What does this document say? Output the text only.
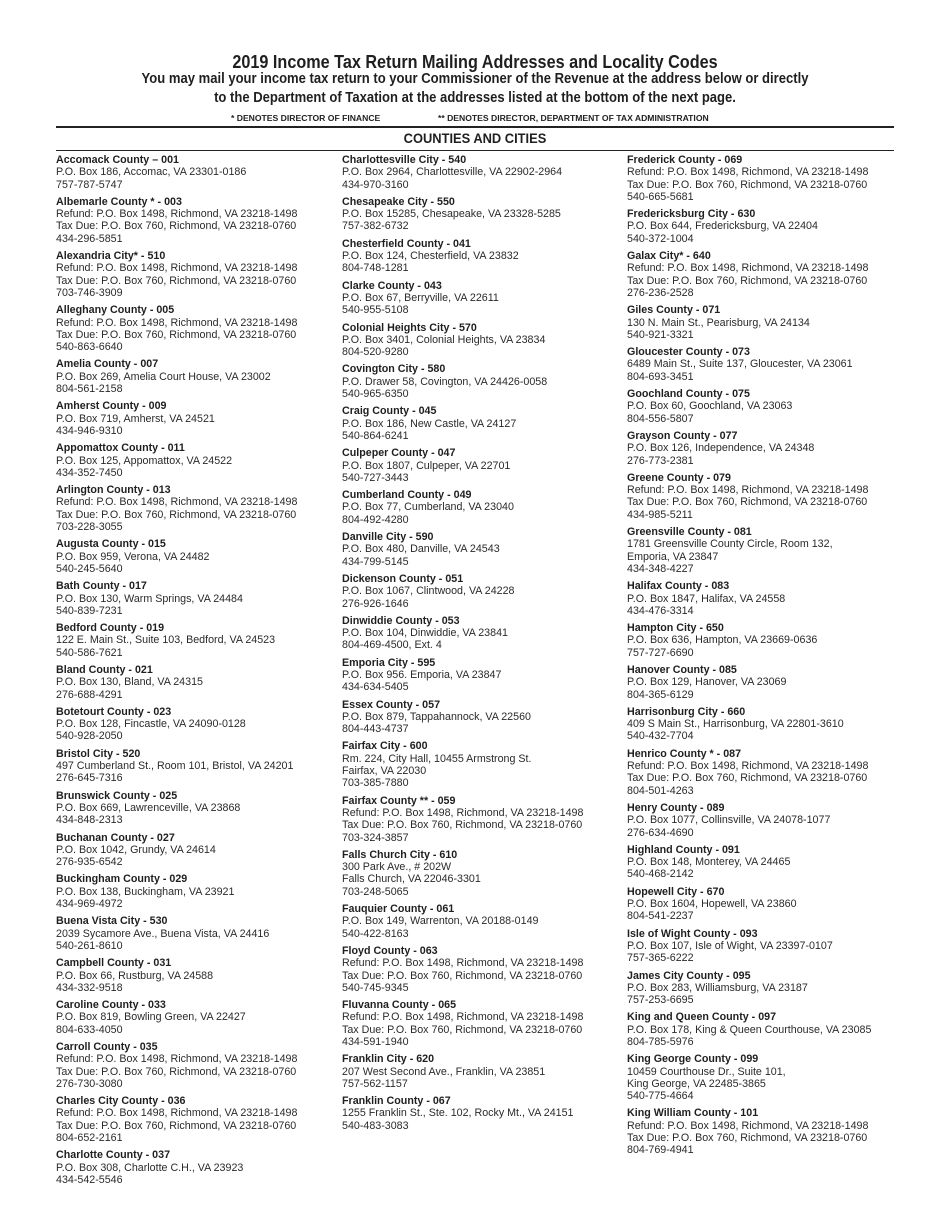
2019 Income Tax Return Mailing Addresses and Locality Codes
You may mail your income tax return to your Commissioner of the Revenue at the address below or directly
to the Department of Taxation at the addresses listed at the bottom of the next page.
* DENOTES DIRECTOR OF FINANCE	** DENOTES DIRECTOR, DEPARTMENT OF TAX ADMINISTRATION
COUNTIES AND CITIES
Accomack County – 001
P.O. Box 186, Accomac, VA 23301-0186
757-787-5747
Albemarle County * - 003
Refund: P.O. Box 1498, Richmond, VA 23218-1498
Tax Due: P.O. Box 760, Richmond, VA 23218-0760
434-296-5851
Alexandria City* - 510
Refund: P.O. Box 1498, Richmond, VA 23218-1498
Tax Due: P.O. Box 760, Richmond, VA 23218-0760
703-746-3909
Alleghany County - 005
Refund: P.O. Box 1498, Richmond, VA 23218-1498
Tax Due: P.O. Box 760, Richmond, VA 23218-0760
540-863-6640
Amelia County - 007
P.O. Box 269, Amelia Court House, VA 23002
804-561-2158
Amherst County - 009
P.O. Box 719, Amherst, VA 24521
434-946-9310
Appomattox County - 011
P.O. Box 125, Appomattox, VA 24522
434-352-7450
Arlington County - 013
Refund: P.O. Box 1498, Richmond, VA 23218-1498
Tax Due: P.O. Box 760, Richmond, VA 23218-0760
703-228-3055
Augusta County - 015
P.O. Box 959, Verona, VA 24482
540-245-5640
Bath County - 017
P.O. Box 130, Warm Springs, VA 24484
540-839-7231
Bedford County - 019
122 E. Main St., Suite 103, Bedford, VA 24523
540-586-7621
Bland County - 021
P.O. Box 130, Bland, VA 24315
276-688-4291
Botetourt County - 023
P.O. Box 128, Fincastle, VA 24090-0128
540-928-2050
Bristol City - 520
497 Cumberland St., Room 101, Bristol, VA 24201
276-645-7316
Brunswick County - 025
P.O. Box 669, Lawrenceville, VA 23868
434-848-2313
Buchanan County - 027
P.O. Box 1042, Grundy, VA 24614
276-935-6542
Buckingham County - 029
P.O. Box 138, Buckingham, VA 23921
434-969-4972
Buena Vista City - 530
2039 Sycamore Ave., Buena Vista, VA 24416
540-261-8610
Campbell County - 031
P.O. Box 66, Rustburg, VA 24588
434-332-9518
Caroline County - 033
P.O. Box 819, Bowling Green, VA 22427
804-633-4050
Carroll County - 035
Refund: P.O. Box 1498, Richmond, VA 23218-1498
Tax Due: P.O. Box 760, Richmond, VA 23218-0760
276-730-3080
Charles City County - 036
Refund: P.O. Box 1498, Richmond, VA 23218-1498
Tax Due: P.O. Box 760, Richmond, VA 23218-0760
804-652-2161
Charlotte County - 037
P.O. Box 308, Charlotte C.H., VA 23923
434-542-5546
Charlottesville City - 540
P.O. Box 2964, Charlottesville, VA 22902-2964
434-970-3160
Chesapeake City - 550
P.O. Box 15285, Chesapeake, VA 23328-5285
757-382-6732
Chesterfield County - 041
P.O. Box 124, Chesterfield, VA 23832
804-748-1281
Clarke County - 043
P.O. Box 67, Berryville, VA 22611
540-955-5108
Colonial Heights City - 570
P.O. Box 3401, Colonial Heights, VA 23834
804-520-9280
Covington City - 580
P.O. Drawer 58, Covington, VA 24426-0058
540-965-6350
Craig County - 045
P.O. Box 186, New Castle, VA 24127
540-864-6241
Culpeper County - 047
P.O. Box 1807, Culpeper, VA 22701
540-727-3443
Cumberland County - 049
P.O. Box 77, Cumberland, VA 23040
804-492-4280
Danville City - 590
P.O. Box 480, Danville, VA 24543
434-799-5145
Dickenson County - 051
P.O. Box 1067, Clintwood, VA 24228
276-926-1646
Dinwiddie County - 053
P.O. Box 104, Dinwiddie, VA 23841
804-469-4500, Ext. 4
Emporia City - 595
P.O. Box 956. Emporia, VA 23847
434-634-5405
Essex County - 057
P.O. Box 879, Tappahannock, VA 22560
804-443-4737
Fairfax City - 600
Rm. 224, City Hall, 10455 Armstrong St.
Fairfax, VA 22030
703-385-7880
Fairfax County ** - 059
Refund: P.O. Box 1498, Richmond, VA 23218-1498
Tax Due: P.O. Box 760, Richmond, VA 23218-0760
703-324-3857
Falls Church City - 610
300 Park Ave., # 202W
Falls Church, VA 22046-3301
703-248-5065
Fauquier County - 061
P.O. Box 149, Warrenton, VA 20188-0149
540-422-8163
Floyd County - 063
Refund: P.O. Box 1498, Richmond, VA 23218-1498
Tax Due: P.O. Box 760, Richmond, VA 23218-0760
540-745-9345
Fluvanna County - 065
Refund: P.O. Box 1498, Richmond, VA 23218-1498
Tax Due: P.O. Box 760, Richmond, VA 23218-0760
434-591-1940
Franklin City - 620
207 West Second Ave., Franklin, VA 23851
757-562-1157
Franklin County - 067
1255 Franklin St., Ste. 102, Rocky Mt., VA 24151
540-483-3083
Frederick County - 069
Refund: P.O. Box 1498, Richmond, VA 23218-1498
Tax Due: P.O. Box 760, Richmond, VA 23218-0760
540-665-5681
Fredericksburg City - 630
P.O. Box 644, Fredericksburg, VA 22404
540-372-1004
Galax City* - 640
Refund: P.O. Box 1498, Richmond, VA 23218-1498
Tax Due: P.O. Box 760, Richmond, VA 23218-0760
276-236-2528
Giles County - 071
130 N. Main St., Pearisburg, VA 24134
540-921-3321
Gloucester County - 073
6489 Main St., Suite 137, Gloucester, VA 23061
804-693-3451
Goochland County - 075
P.O. Box 60, Goochland, VA 23063
804-556-5807
Grayson County - 077
P.O. Box 126, Independence, VA 24348
276-773-2381
Greene County - 079
Refund: P.O. Box 1498, Richmond, VA 23218-1498
Tax Due: P.O. Box 760, Richmond, VA 23218-0760
434-985-5211
Greensville County - 081
1781 Greensville County Circle, Room 132,
Emporia, VA 23847
434-348-4227
Halifax County - 083
P.O. Box 1847, Halifax, VA 24558
434-476-3314
Hampton City - 650
P.O. Box 636, Hampton, VA 23669-0636
757-727-6690
Hanover County - 085
P.O. Box 129, Hanover, VA 23069
804-365-6129
Harrisonburg City - 660
409 S Main St., Harrisonburg, VA 22801-3610
540-432-7704
Henrico County * - 087
Refund: P.O. Box 1498, Richmond, VA 23218-1498
Tax Due: P.O. Box 760, Richmond, VA 23218-0760
804-501-4263
Henry County - 089
P.O. Box 1077, Collinsville, VA 24078-1077
276-634-4690
Highland County - 091
P.O. Box 148, Monterey, VA 24465
540-468-2142
Hopewell City - 670
P.O. Box 1604, Hopewell, VA 23860
804-541-2237
Isle of Wight County - 093
P.O. Box 107, Isle of Wight, VA 23397-0107
757-365-6222
James City County - 095
P.O. Box 283, Williamsburg, VA 23187
757-253-6695
King and Queen County - 097
P.O. Box 178, King & Queen Courthouse, VA 23085
804-785-5976
King George County - 099
10459 Courthouse Dr., Suite 101,
King George, VA 22485-3865
540-775-4664
King William County - 101
Refund: P.O. Box 1498, Richmond, VA 23218-1498
Tax Due: P.O. Box 760, Richmond, VA 23218-0760
804-769-4941
